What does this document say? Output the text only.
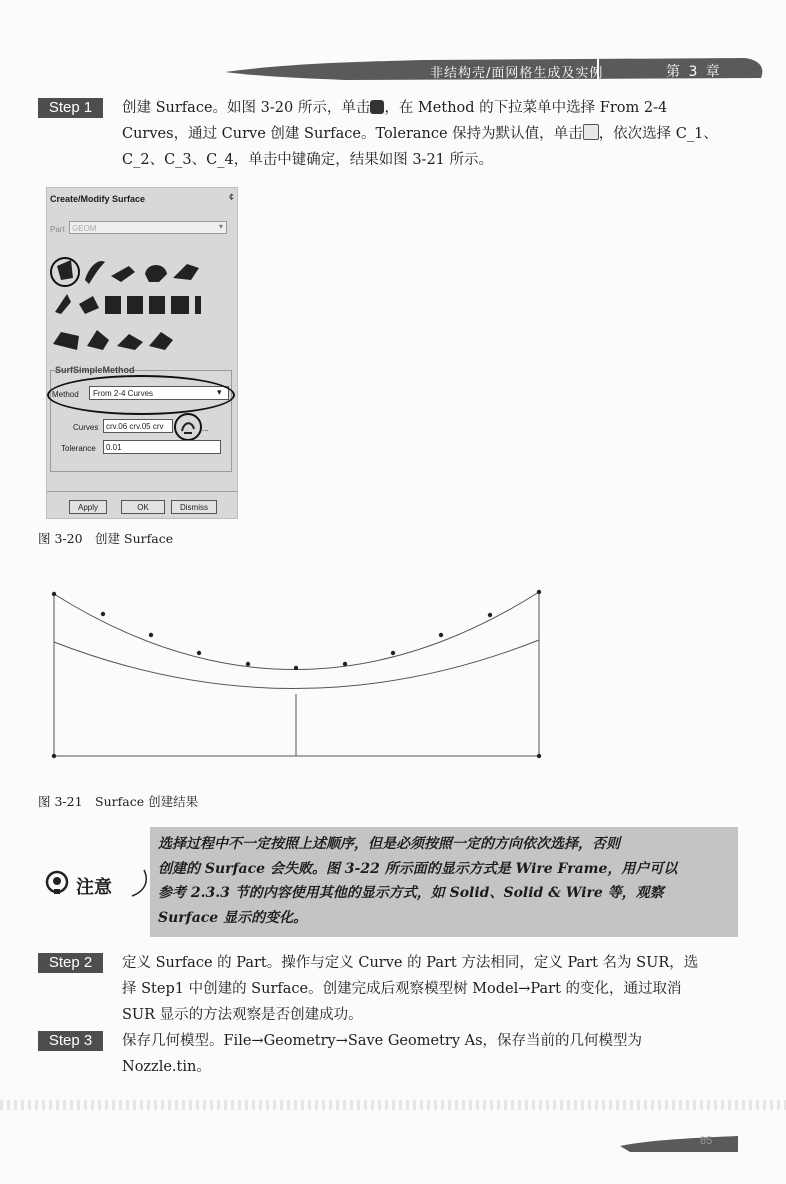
非结构壳/面网格生成及实例	第 3 章
Step 1	创建 Surface。如图 3-20 所示，单击 ，在 Method 的下拉菜单中选择 From 2-4
Curves，通过 Curve 创建 Surface。Tolerance 保持为默认值，单击 ，依次选择 C_1、
C_2、C_3、C_4，单击中键确定，结果如图 3-21 所示。
Create/Modify Surface	¢
Part GEOM	▾
SurfSimpleMethod
Method	From 2-4 Curves	▾
Curves crv.06 crv.05 crv	...
Tolerance	0.01
Apply	OK	Dismiss
图 3-20　创建 Surface
图 3-21　Surface 创建结果
选择过程中不一定按照上述顺序，但是必须按照一定的方向依次选择，否则
创建的 Surface 会失败。图 3-22 所示面的显示方式是 Wire Frame，用户可以
参考 2.3.3 节的内容使用其他的显示方式，如 Solid、Solid & Wire 等，观察
Surface 显示的变化。
注意
Step 2	定义 Surface 的 Part。操作与定义 Curve 的 Part 方法相同，定义 Part 名为 SUR，选
择 Step1 中创建的 Surface。创建完成后观察模型树 Model→Part 的变化，通过取消
SUR 显示的方法观察是否创建成功。
Step 3	保存几何模型。File→Geometry→Save Geometry As，保存当前的几何模型为
Nozzle.tin。
85
